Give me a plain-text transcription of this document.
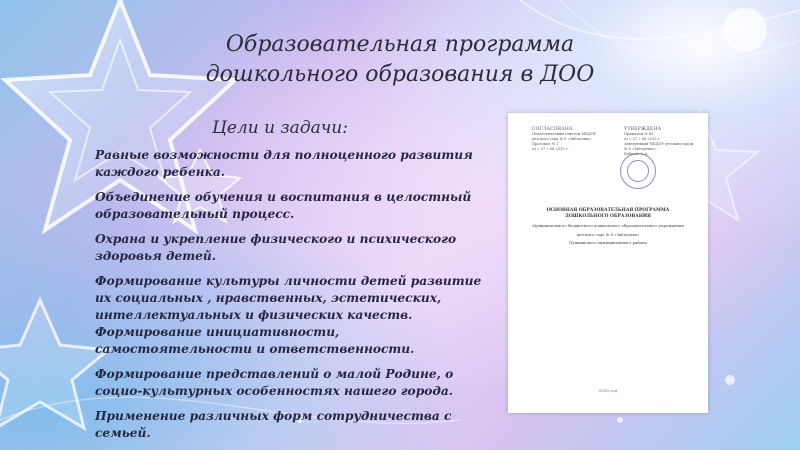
Образовательная программа
дошкольного образования в ДОО
Цели и задачи:
Равные возможности для полноценного развития каждого ребенка.
Объединение обучения и воспитания в целостный образовательный процесс.
Охрана и укрепление физического и психического здоровья детей.
Формирование культуры личности детей развитие их социальных , нравственных, эстетических, интеллектуальных и физических качеств. Формирование инициативности, самостоятельности и ответственности.
Формирование представлений о малой Родине, о социо-культурных особенностях нашего города.
Применение различных форм сотрудничества с семьей.
СОГЛАСОВАНА
Педагогическим советом МБДОУ
детского сада № 8 «Звёздочка»
Протокол № 1
от « 27 » 08 2015 г.
УТВЕРЖДЕНА
Приказом № 65
от « 27 » 08 2015 г.
Заведующий МБДОУ детским садом
№ 8 «Звёздочка»
Бабаева А.А.
ОСНОВНАЯ ОБРАЗОВАТЕЛЬНАЯ ПРОГРАММА
ДОШКОЛЬНОГО ОБРАЗОВАНИЯ
Муниципального бюджетного дошкольного образовательного учреждения
детского сада № 8 «Звёздочка»
Пушкинского муниципального района
2015 год
